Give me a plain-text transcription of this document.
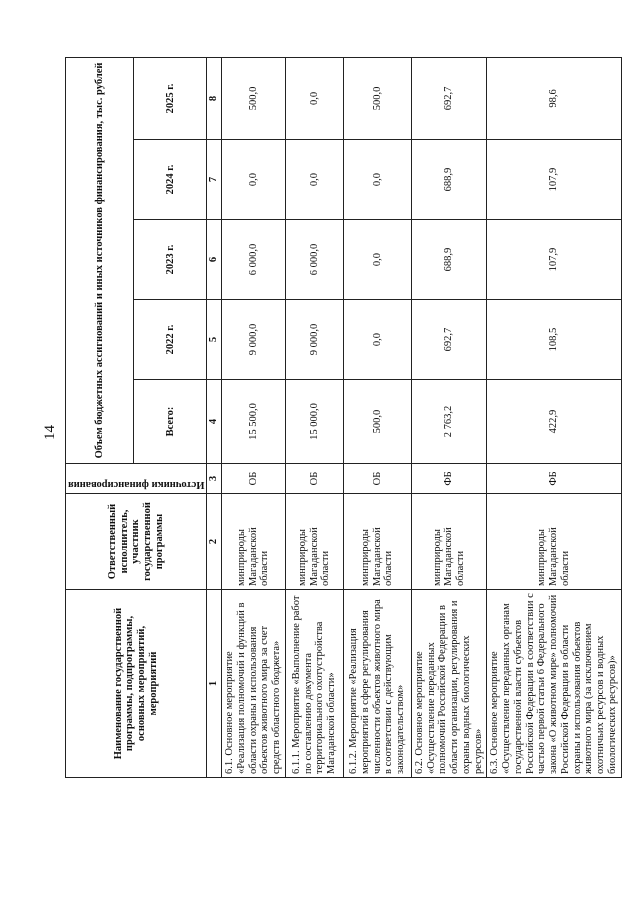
14
Наименование государственной программы, подпрограммы, основных мероприятий, мероприятий	Ответственный исполнитель, участник государственной программы	Источники финансирования	Объем бюджетных ассигнований и иных источников финансирования, тыс. рублей				
			Всего:	2022 г.	2023 г.	2024 г.	2025 г.
1	2	3	4	5	6	7	8
6.1. Основное мероприятие «Реализация полномочий и функций в области охраны и использования объектов животного мира за счет средств областного бюджета»	минприроды Магаданской области	ОБ	15 500,0	9 000,0	6 000,0	0,0	500,0
6.1.1. Мероприятие «Выполнение работ по составлению документа территориального охотустройства Магаданской области»	минприроды Магаданской области	ОБ	15 000,0	9 000,0	6 000,0	0,0	0,0
6.1.2. Мероприятие «Реализация мероприятий в сфере регулирования численности объектов животного мира в соответствии с действующим законодательством»	минприроды Магаданской области	ОБ	500,0	0,0	0,0	0,0	500,0
6.2. Основное мероприятие «Осуществление переданных полномочий Российской Федерации в области организации, регулирования и охраны водных биологических ресурсов»	минприроды Магаданской области	ФБ	2 763,2	692,7	688,9	688,9	692,7
6.3. Основное мероприятие «Осуществление переданных органам государственной власти субъектов Российской Федерации в соответствии с частью первой статьи 6 Федерального закона «О животном мире» полномочий Российской Федерации в области охраны и использования объектов животного мира (за исключением охотничьих ресурсов и водных биологических ресурсов)»	минприроды Магаданской области	ФБ	422,9	108,5	107,9	107,9	98,6
